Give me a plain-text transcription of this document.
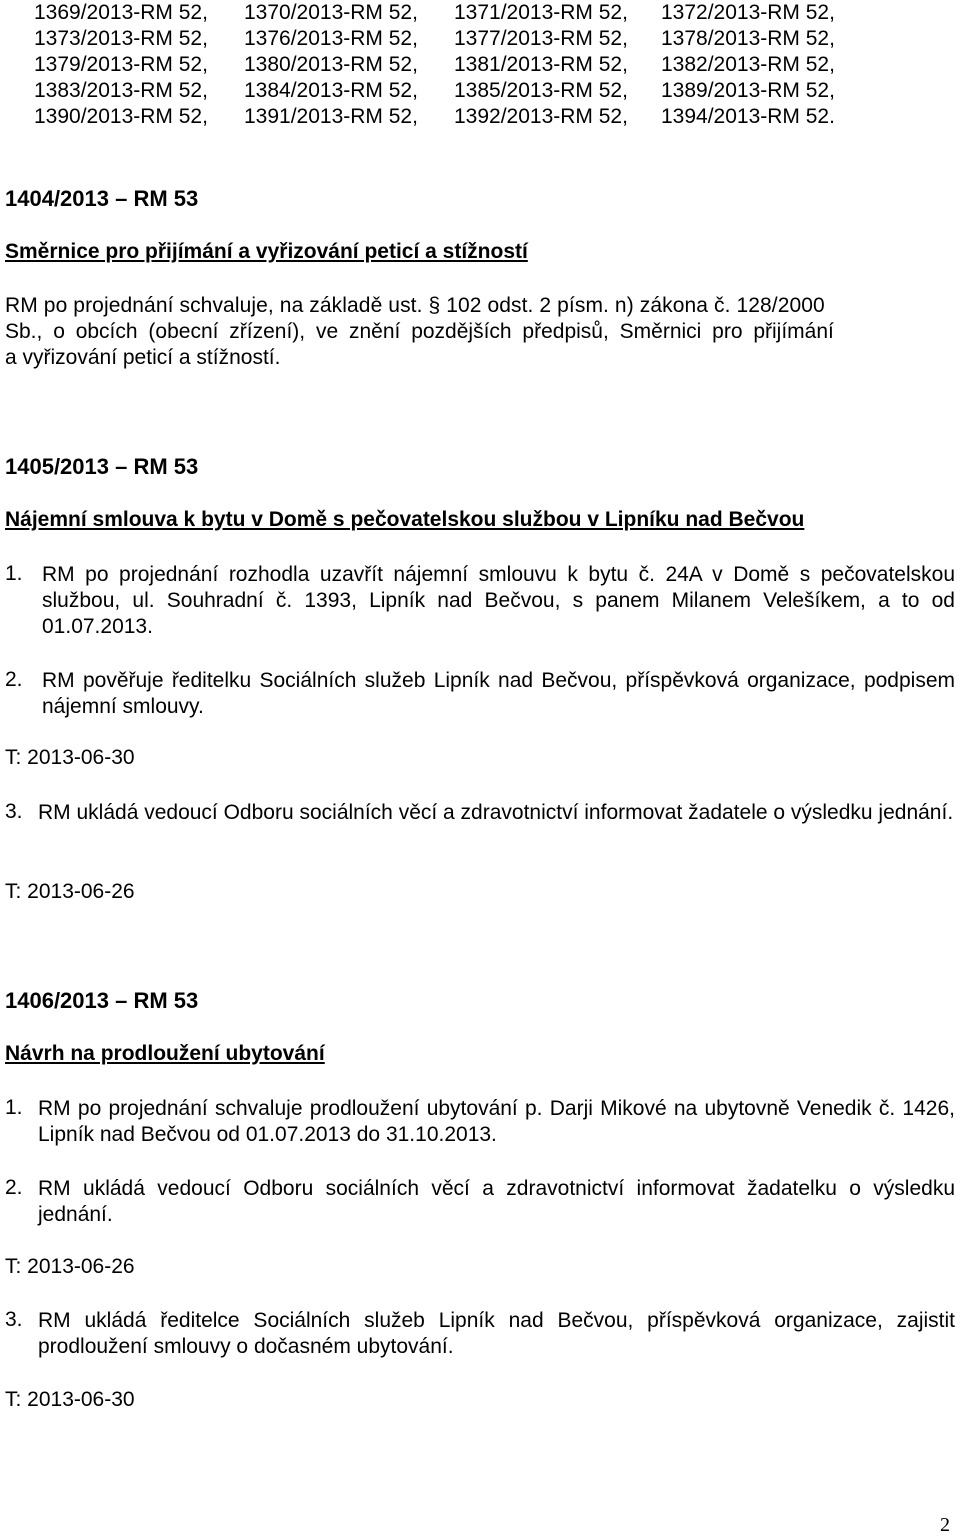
1369/2013-RM 52, 1370/2013-RM 52, 1371/2013-RM 52, 1372/2013-RM 52,
1373/2013-RM 52, 1376/2013-RM 52, 1377/2013-RM 52, 1378/2013-RM 52,
1379/2013-RM 52, 1380/2013-RM 52, 1381/2013-RM 52, 1382/2013-RM 52,
1383/2013-RM 52, 1384/2013-RM 52, 1385/2013-RM 52, 1389/2013-RM 52,
1390/2013-RM 52, 1391/2013-RM 52, 1392/2013-RM 52, 1394/2013-RM 52.
1404/2013 – RM 53
Směrnice pro přijímání a vyřizování peticí a stížností
RM po projednání schvaluje, na základě ust. § 102 odst. 2 písm. n) zákona č. 128/2000
Sb., o obcích (obecní zřízení), ve znění pozdějších předpisů, Směrnici pro přijímání
a vyřizování peticí a stížností.
1405/2013 – RM 53
Nájemní smlouva k bytu v Domě s pečovatelskou službou v Lipníku nad Bečvou
1. RM po projednání rozhodla uzavřít nájemní smlouvu k bytu č. 24A v Domě s pečovatelskou službou, ul. Souhradní č. 1393, Lipník nad Bečvou, s panem Milanem Velešíkem, a to od 01.07.2013.
2. RM pověřuje ředitelku Sociálních služeb Lipník nad Bečvou, příspěvková organizace, podpisem nájemní smlouvy.
T: 2013-06-30
3. RM ukládá vedoucí Odboru sociálních věcí a zdravotnictví informovat žadatele o výsledku jednání.
T: 2013-06-26
1406/2013 – RM 53
Návrh na prodloužení ubytování
1. RM po projednání schvaluje prodloužení ubytování p. Darji Mikové na ubytovně Venedik č. 1426, Lipník nad Bečvou od 01.07.2013 do 31.10.2013.
2. RM ukládá vedoucí Odboru sociálních věcí a zdravotnictví informovat žadatelku o výsledku jednání.
T: 2013-06-26
3. RM ukládá ředitelce Sociálních služeb Lipník nad Bečvou, příspěvková organizace, zajistit prodloužení smlouvy o dočasném ubytování.
T: 2013-06-30
2
